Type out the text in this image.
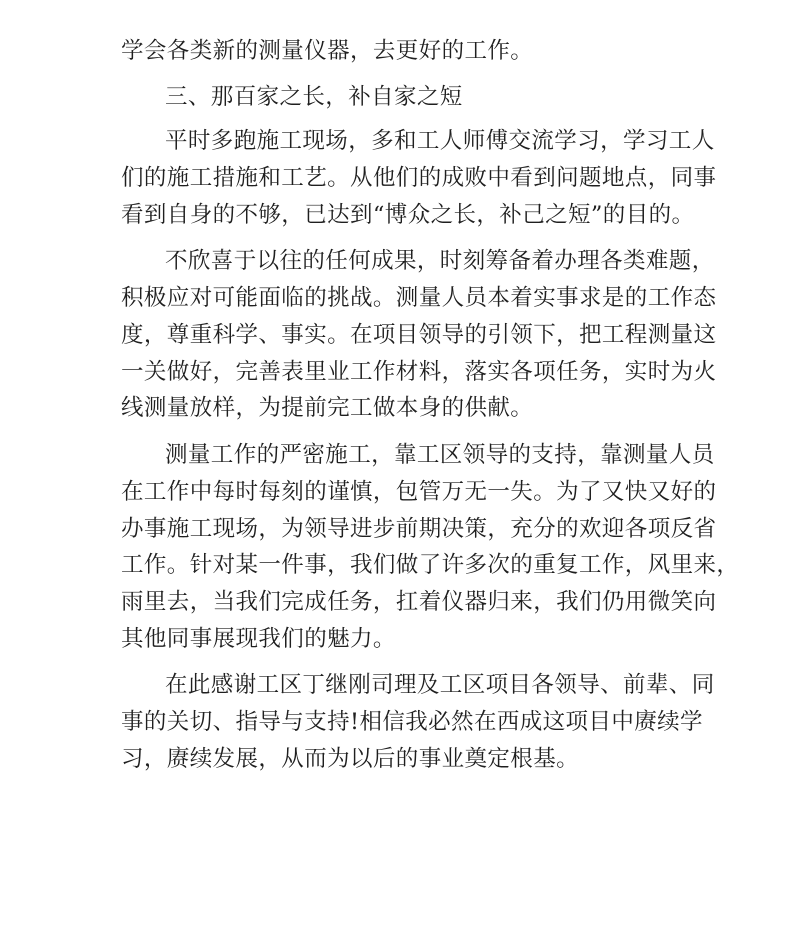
学会各类新的测量仪器，去更好的工作。
三、那百家之长，补自家之短
平时多跑施工现场，多和工人师傅交流学习，学习工人
们的施工措施和工艺。从他们的成败中看到问题地点，同事
看到自身的不够，已达到“博众之长，补己之短”的目的。
不欣喜于以往的任何成果，时刻筹备着办理各类难题，
积极应对可能面临的挑战。测量人员本着实事求是的工作态
度，尊重科学、事实。在项目领导的引领下，把工程测量这
一关做好，完善表里业工作材料，落实各项任务，实时为火
线测量放样，为提前完工做本身的供献。
测量工作的严密施工，靠工区领导的支持，靠测量人员
在工作中每时每刻的谨慎，包管万无一失。为了又快又好的
办事施工现场，为领导进步前期决策，充分的欢迎各项反省
工作。针对某一件事，我们做了许多次的重复工作，风里来，
雨里去，当我们完成任务，扛着仪器归来，我们仍用微笑向
其他同事展现我们的魅力。
在此感谢工区丁继刚司理及工区项目各领导、前辈、同
事的关切、指导与支持!相信我必然在西成这项目中赓续学
习，赓续发展，从而为以后的事业奠定根基。
